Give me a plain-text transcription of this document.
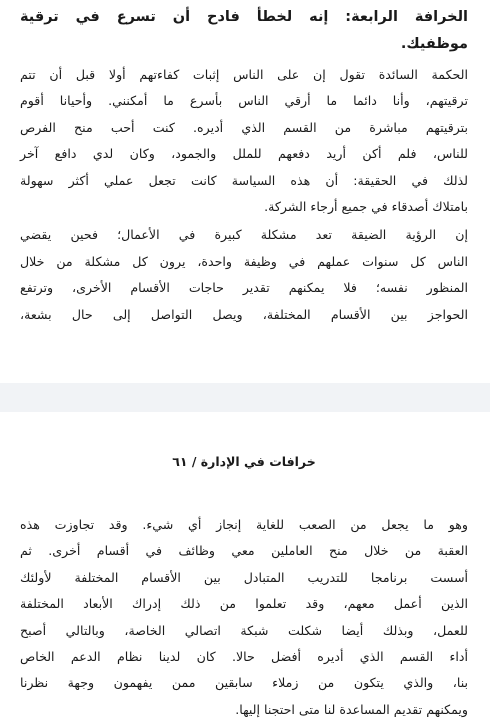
الخرافة الرابعة: إنه لخطأ فادح أن تسرع في ترقية
موظفيك.
الحكمة السائدة تقول إن على الناس إثبات كفاءتهم أولا قبل أن تتم
ترقيتهم، وأنا دائما ما أرقي الناس بأسرع ما أمكنني. وأحيانا أقوم
بترقيتهم مباشرة من القسم الذي أديره. كنت أحب منح الفرص
للناس، فلم أكن أريد دفعهم للملل والجمود، وكان لدي دافع آخر
لذلك في الحقيقة: أن هذه السياسة كانت تجعل عملي أكثر سهولة
بامتلاك أصدقاء في جميع أرجاء الشركة.
إن الرؤية الضيقة تعد مشكلة كبيرة في الأعمال؛ فحين يقضي
الناس كل سنوات عملهم في وظيفة واحدة، يرون كل مشكلة من خلال
المنظور نفسه؛ فلا يمكنهم تقدير حاجات الأقسام الأخرى، وترتفع
الحواجز بين الأقسام المختلفة، ويصل التواصل إلى حال بشعة،
خرافات في الإدارة / ٦١
وهو ما يجعل من الصعب للغاية إنجاز أي شيء. وقد تجاوزت هذه
العقبة من خلال منح العاملين معي وظائف في أقسام أخرى. ثم
أسست برنامجا للتدريب المتبادل بين الأقسام المختلفة لأولئك
الذين أعمل معهم، وقد تعلموا من ذلك إدراك الأبعاد المختلفة
للعمل، وبذلك أيضا شكلت شبكة اتصالي الخاصة، وبالتالي أصبح
أداء القسم الذي أديره أفضل حالا. كان لدينا نظام الدعم الخاص
بنا، والذي يتكون من زملاء سابقين ممن يفهمون وجهة نظرنا
ويمكنهم تقديم المساعدة لنا متى احتجنا إليها.
